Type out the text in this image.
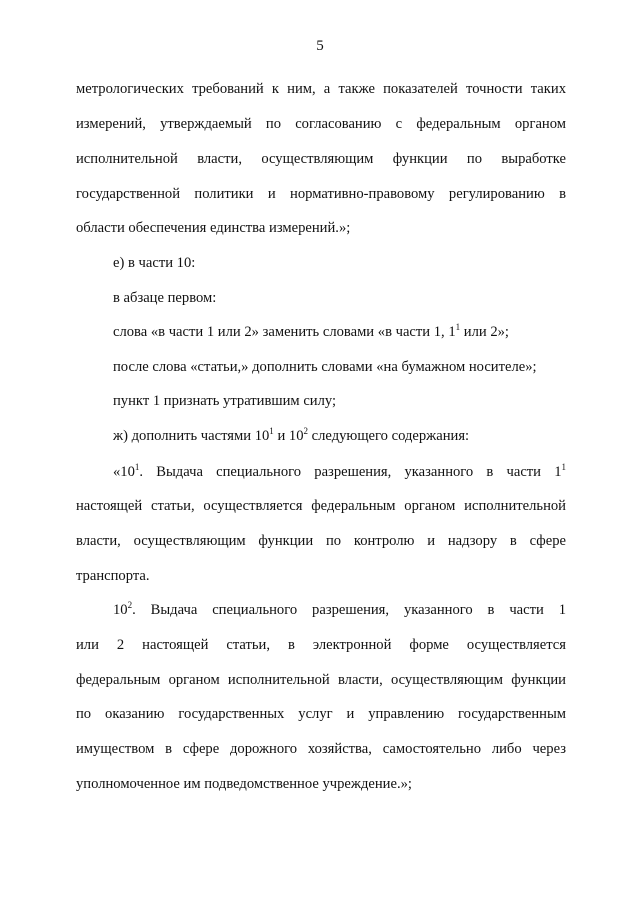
5
метрологических требований к ним, а также показателей точности таких
измерений, утверждаемый по согласованию с федеральным органом
исполнительной власти, осуществляющим функции по выработке
государственной политики и нормативно-правовому регулированию в
области обеспечения единства измерений.»;
е) в части 10:
в абзаце первом:
слова «в части 1 или 2» заменить словами «в части 1, $1^1$ или 2»;
после слова «статьи,» дополнить словами «на бумажном носителе»;
пункт 1 признать утратившим силу;
ж) дополнить частями $10^1$ и $10^2$ следующего содержания:
«$10^1$. Выдача специального разрешения, указанного в части $1^1$
настоящей статьи, осуществляется федеральным органом исполнительной
власти, осуществляющим функции по контролю и надзору в сфере
транспорта.
$10^2$. Выдача специального разрешения, указанного в части 1
или 2 настоящей статьи, в электронной форме осуществляется
федеральным органом исполнительной власти, осуществляющим функции
по оказанию государственных услуг и управлению государственным
имуществом в сфере дорожного хозяйства, самостоятельно либо через
уполномоченное им подведомственное учреждение.»;
